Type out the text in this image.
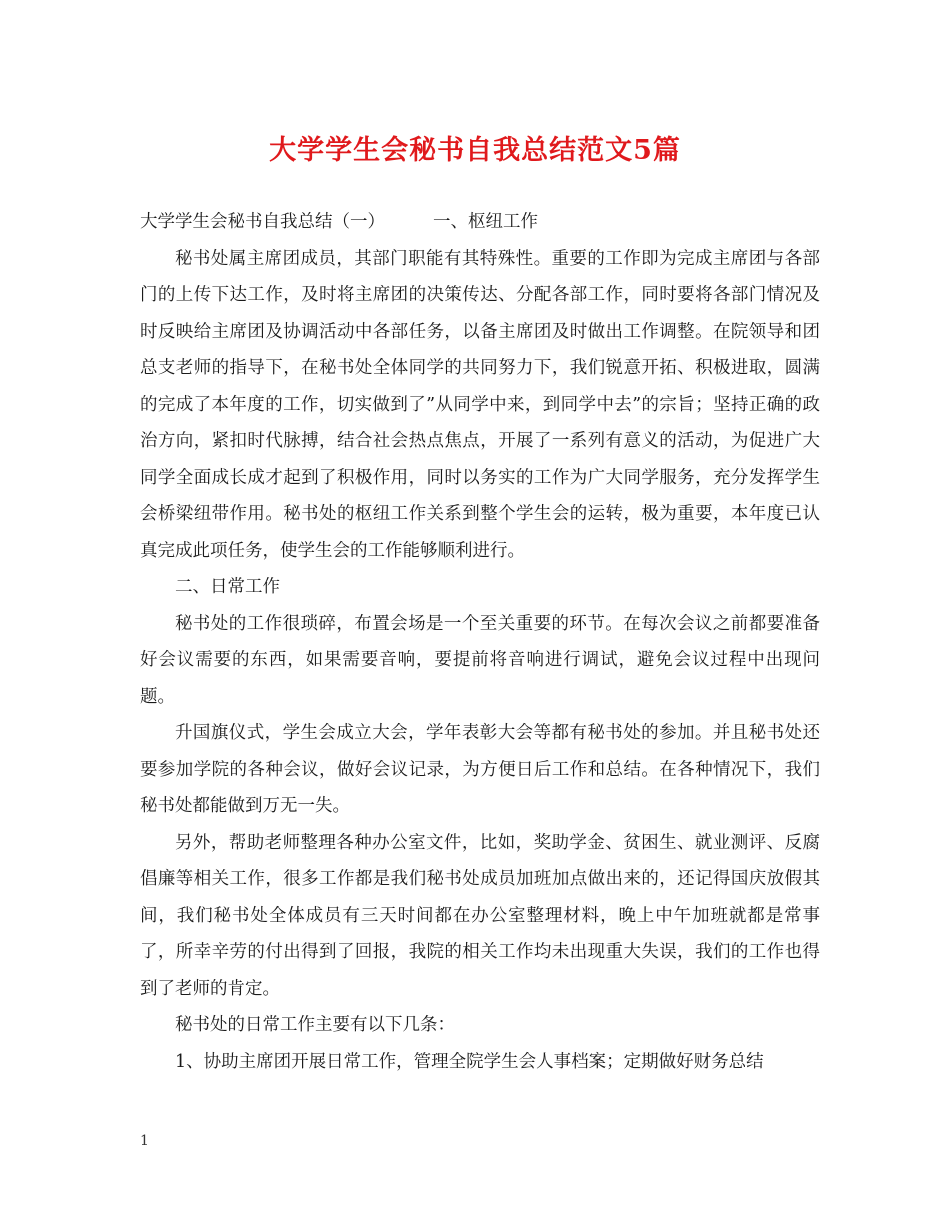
大学学生会秘书自我总结范文5篇

大学学生会秘书自我总结（一）	一、枢纽工作

秘书处属主席团成员，其部门职能有其特殊性。重要的工作即为完成主席团与各部门的上传下达工作，及时将主席团的决策传达、分配各部工作，同时要将各部门情况及时反映给主席团及协调活动中各部任务，以备主席团及时做出工作调整。在院领导和团总支老师的指导下，在秘书处全体同学的共同努力下，我们锐意开拓、积极进取，圆满的完成了本年度的工作，切实做到了”从同学中来，到同学中去”的宗旨；坚持正确的政治方向，紧扣时代脉搏，结合社会热点焦点，开展了一系列有意义的活动，为促进广大同学全面成长成才起到了积极作用，同时以务实的工作为广大同学服务，充分发挥学生会桥梁纽带作用。秘书处的枢纽工作关系到整个学生会的运转，极为重要，本年度已认真完成此项任务，使学生会的工作能够顺利进行。

二、日常工作

秘书处的工作很琐碎，布置会场是一个至关重要的环节。在每次会议之前都要准备好会议需要的东西，如果需要音响，要提前将音响进行调试，避免会议过程中出现问题。

升国旗仪式，学生会成立大会，学年表彰大会等都有秘书处的参加。并且秘书处还要参加学院的各种会议，做好会议记录，为方便日后工作和总结。在各种情况下，我们秘书处都能做到万无一失。

另外，帮助老师整理各种办公室文件，比如，奖助学金、贫困生、就业测评、反腐倡廉等相关工作，很多工作都是我们秘书处成员加班加点做出来的，还记得国庆放假其间，我们秘书处全体成员有三天时间都在办公室整理材料，晚上中午加班就都是常事了，所幸辛劳的付出得到了回报，我院的相关工作均未出现重大失误，我们的工作也得到了老师的肯定。

秘书处的日常工作主要有以下几条：

1、协助主席团开展日常工作，管理全院学生会人事档案；定期做好财务总结

1
